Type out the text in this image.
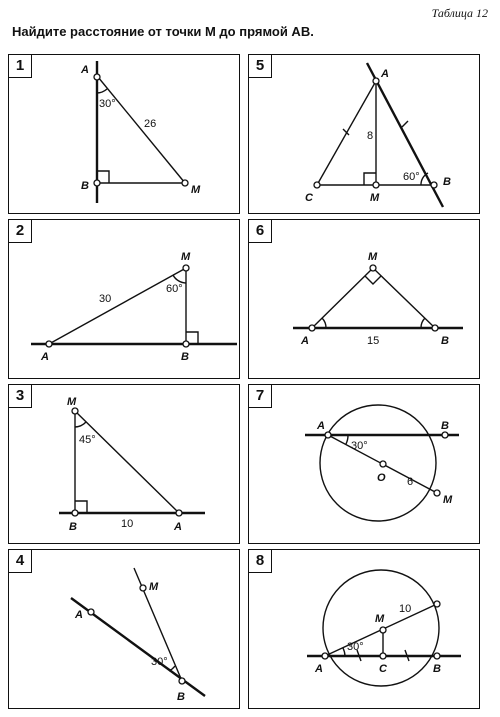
Таблица 12
Найдите расстояние от точки M до прямой AB.
A
B	M
26
30°
1
A	B
M
30
60°
2
M
B	A
10
45°
3
A
B
M
30°
4
A
C	M
B
8
60°
5
A	B
M
15
6
A	B
O
M
6
30°
7
A	C	B
M
10
30°
8
